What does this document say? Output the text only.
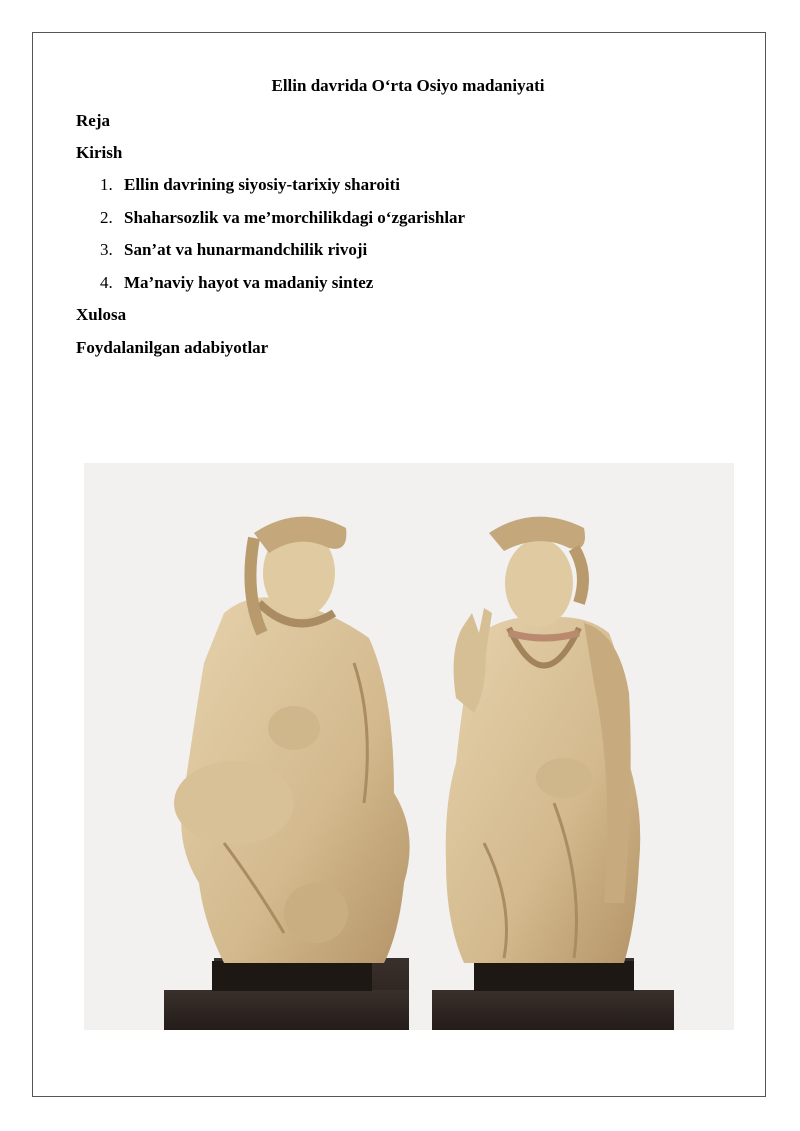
Ellin davrida O‘rta Osiyo madaniyati
Reja
Kirish
1. Ellin davrining siyosiy-tarixiy sharoiti
2. Shaharsozlik va me’morchilikdagi o‘zgarishlar
3. San’at va hunarmandchilik rivoji
4. Ma’naviy hayot va madaniy sintez
Xulosa
Foydalanilgan adabiyotlar
